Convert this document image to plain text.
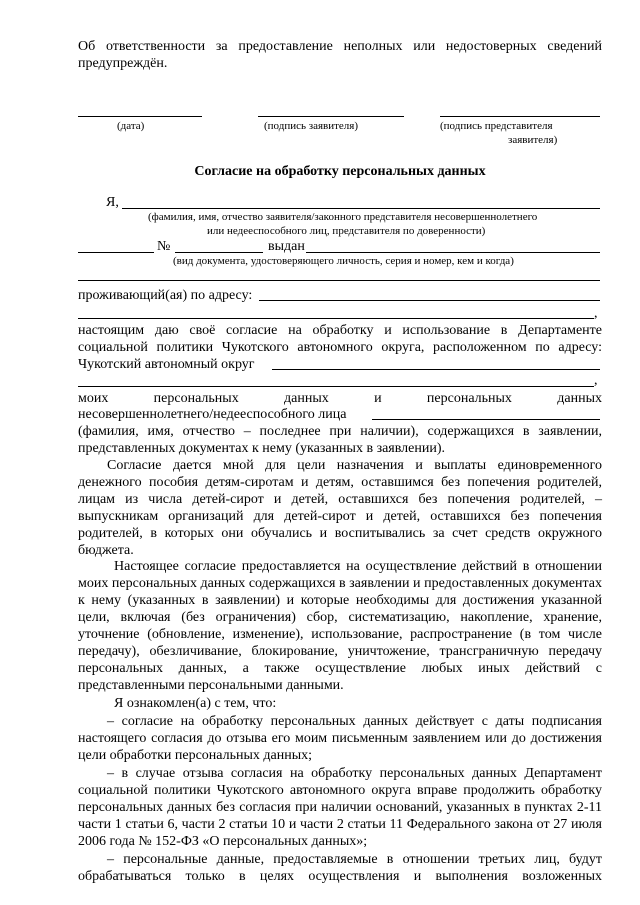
Об ответственности за предоставление неполных или недостоверных сведений
предупреждён.
(дата)	(подпись заявителя)	(подпись представителя
заявителя)
Согласие на обработку персональных данных
Я,
(фамилия, имя, отчество заявителя/законного представителя несовершеннолетнего
или недееспособного лиц, представителя по доверенности)
№	выдан
(вид документа, удостоверяющего личность, серия и номер, кем и когда)
проживающий(ая) по адресу:
,
настоящим даю своё согласие на обработку и использование в Департаменте
социальной политики Чукотского автономного округа, расположенном по адресу:
Чукотский автономный округ
,
моих персональных данных и персональных данных
несовершеннолетнего/недееспособного лица
(фамилия, имя, отчество – последнее при наличии), содержащихся в заявлении,
представленных документах к нему (указанных в заявлении).
Согласие дается мной для цели назначения и выплаты единовременного
денежного пособия детям-сиротам и детям, оставшимся без попечения родителей,
лицам из числа детей-сирот и детей, оставшихся без попечения родителей, –
выпускникам организаций для детей-сирот и детей, оставшихся без попечения
родителей, в которых они обучались и воспитывались за счет средств окружного
бюджета.
Настоящее согласие предоставляется на осуществление действий в отношении
моих персональных данных содержащихся в заявлении и предоставленных документах
к нему (указанных в заявлении) и которые необходимы для достижения указанной
цели, включая (без ограничения) сбор, систематизацию, накопление, хранение,
уточнение (обновление, изменение), использование, распространение (в том числе
передачу), обезличивание, блокирование, уничтожение, трансграничную передачу
персональных данных, а также осуществление любых иных действий с
представленными персональными данными.
Я ознакомлен(а) с тем, что:
– согласие на обработку персональных данных действует с даты подписания
настоящего согласия до отзыва его моим письменным заявлением или до достижения
цели обработки персональных данных;
– в случае отзыва согласия на обработку персональных данных Департамент
социальной политики Чукотского автономного округа вправе продолжить обработку
персональных данных без согласия при наличии оснований, указанных в пунктах 2-11
части 1 статьи 6, части 2 статьи 10 и части 2 статьи 11 Федерального закона от 27 июля
2006 года № 152-ФЗ «О персональных данных»;
– персональные данные, предоставляемые в отношении третьих лиц, будут
обрабатываться только в целях осуществления и выполнения возложенных
